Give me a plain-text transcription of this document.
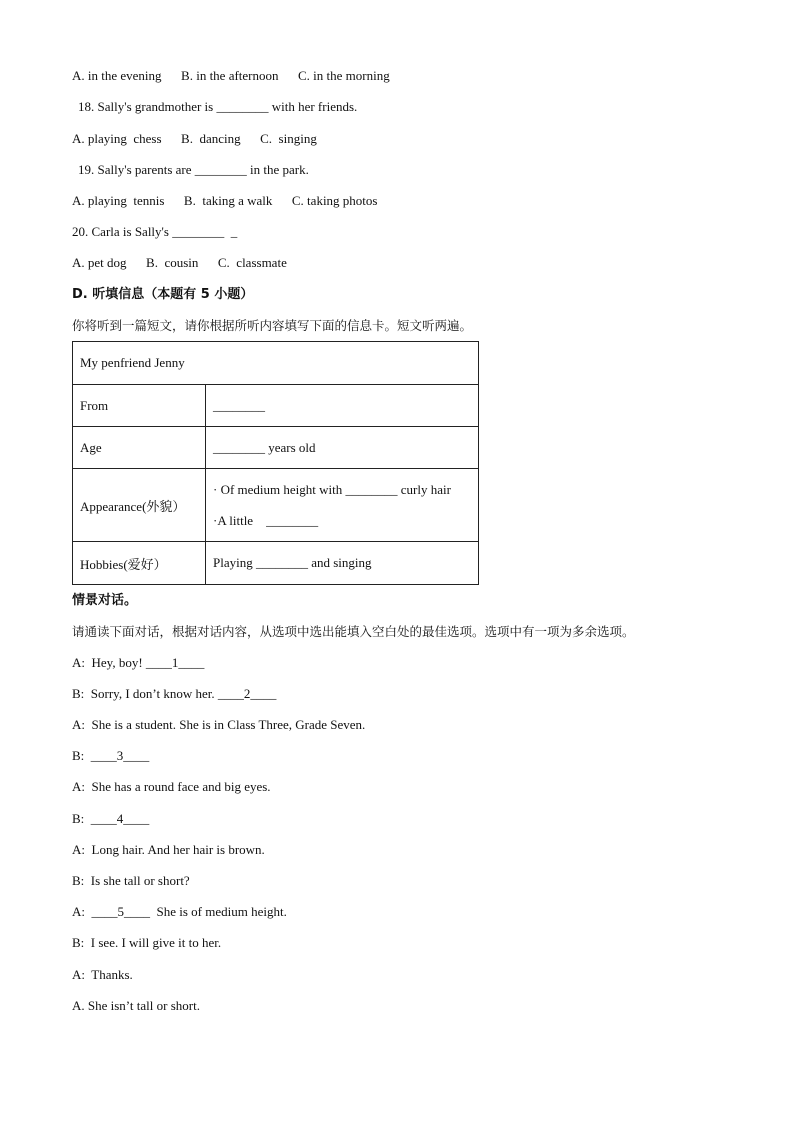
A. in the evening      B. in the afternoon      C. in the morning
18. Sally's grandmother is ________ with her friends.
A. playing  chess      B.  dancing      C.  singing
19. Sally's parents are ________ in the park.
A. playing  tennis      B.  taking a walk      C. taking photos
20. Carla is Sally's ________  _
A. pet dog      B.  cousin      C.  classmate
D. 听填信息（本题有 5 小题）
你将听到一篇短文，请你根据所听内容填写下面的信息卡。短文听两遍。
My penfriend Jenny	
From	________
Age	________ years old
Appearance(外貌）	· Of medium height with ________ curly hair
·A little    ________

Hobbies(爱好）	Playing ________ and singing
情景对话。
请通读下面对话，根据对话内容，从选项中选出能填入空白处的最佳选项。选项中有一项为多余选项。
A:  Hey, boy! ____1____
B:  Sorry, I don’t know her. ____2____
A:  She is a student. She is in Class Three, Grade Seven.
B:  ____3____
A:  She has a round face and big eyes.
B:  ____4____
A:  Long hair. And her hair is brown.
B:  Is she tall or short?
A:  ____5____  She is of medium height.
B:  I see. I will give it to her.
A:  Thanks.
A. She isn’t tall or short.
